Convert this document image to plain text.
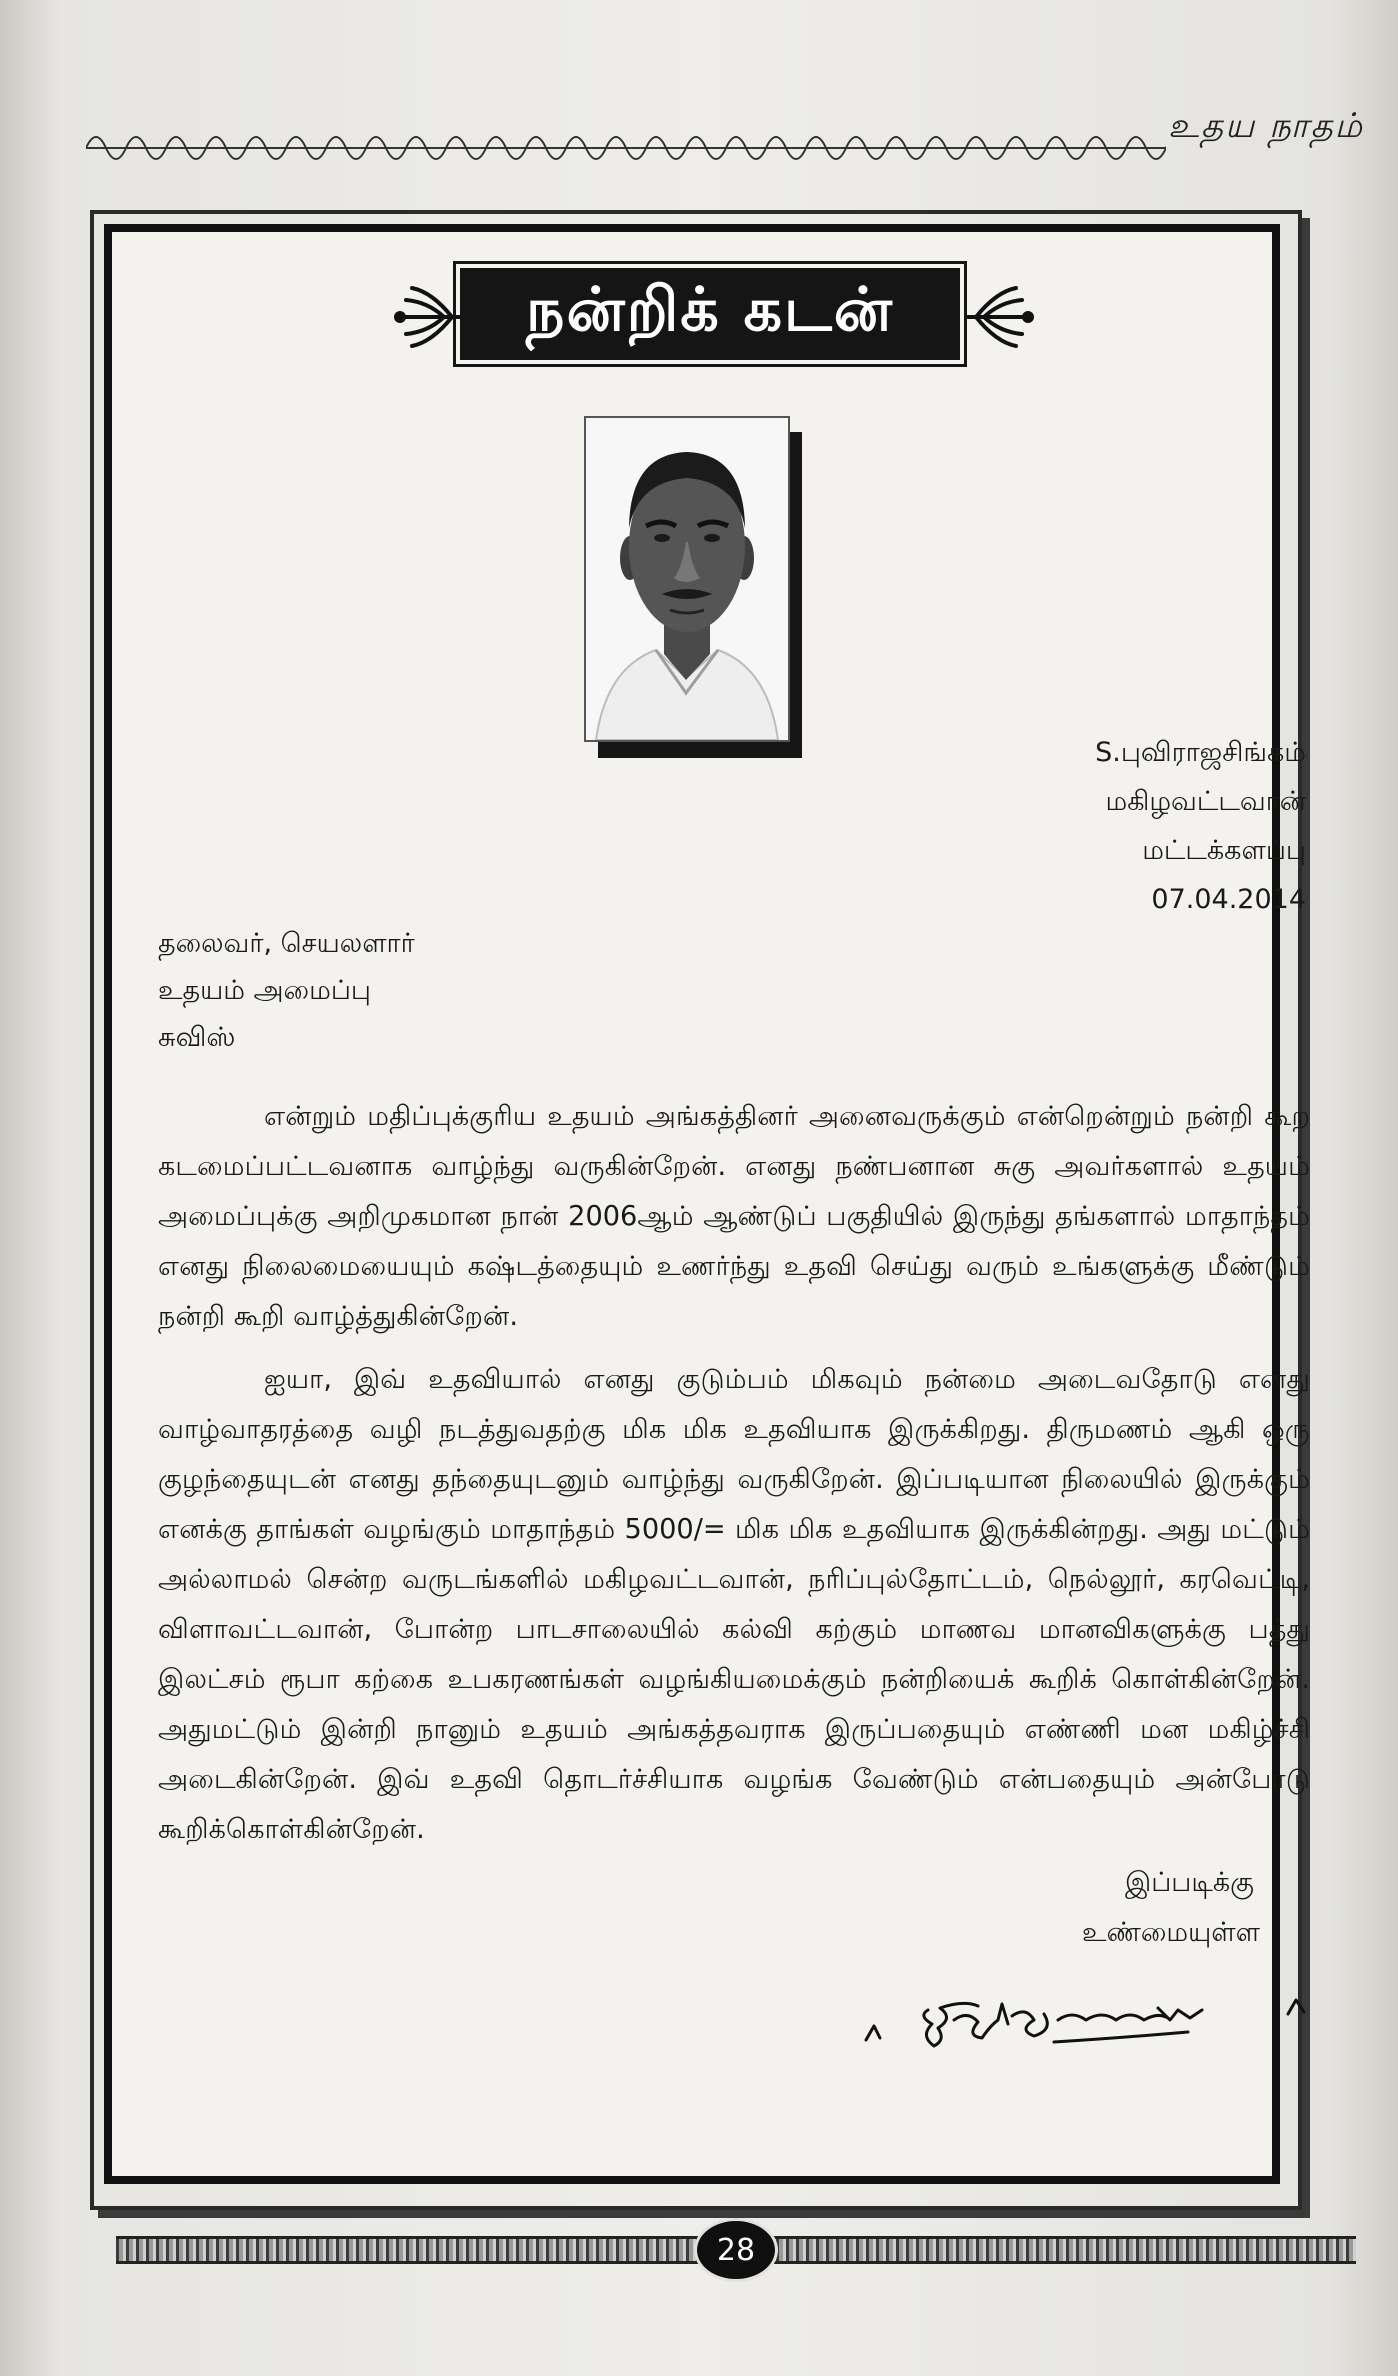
உதய நாதம்
நன்றிக் கடன்
S.புவிராஜசிங்கம்
மகிழவட்டவான்
மட்டக்களப்பு
07.04.2014
தலைவர், செயலளார்
உதயம் அமைப்பு
சுவிஸ்

என்றும் மதிப்புக்குரிய உதயம் அங்கத்தினர் அனைவருக்கும் என்றென்றும் நன்றி கூற கடமைப்பட்டவனாக வாழ்ந்து வருகின்றேன். எனது நண்பனான சுகு அவர்களால் உதயம் அமைப்புக்கு அறிமுகமான நான் 2006ஆம் ஆண்டுப் பகுதியில் இருந்து தங்களால் மாதாந்தம் எனது நிலைமையையும் கஷ்டத்தையும் உணர்ந்து உதவி செய்து வரும் உங்களுக்கு மீண்டும் நன்றி கூறி வாழ்த்துகின்றேன்.

ஐயா, இவ் உதவியால் எனது குடும்பம் மிகவும் நன்மை அடைவதோடு எனது வாழ்வாதரத்தை வழி நடத்துவதற்கு மிக மிக உதவியாக இருக்கிறது. திருமணம் ஆகி ஒரு குழந்தையுடன் எனது தந்தையுடனும் வாழ்ந்து வருகிறேன். இப்படியான நிலையில் இருக்கும் எனக்கு தாங்கள் வழங்கும் மாதாந்தம் 5000/= மிக மிக உதவியாக இருக்கின்றது. அது மட்டும் அல்லாமல் சென்ற வருடங்களில் மகிழவட்டவான், நரிப்புல்தோட்டம், நெல்லூர், கரவெட்டி, விளாவட்டவான், போன்ற பாடசாலையில் கல்வி கற்கும் மாணவ மானவிகளுக்கு பத்து இலட்சம் ரூபா கற்கை உபகரணங்கள் வழங்கியமைக்கும் நன்றியைக் கூறிக் கொள்கின்றேன். அதுமட்டும் இன்றி நானும் உதயம் அங்கத்தவராக இருப்பதையும் எண்ணி மன மகிழ்ச்சி அடைகின்றேன். இவ் உதவி தொடர்ச்சியாக வழங்க வேண்டும் என்பதையும் அன்போடு கூறிக்கொள்கின்றேன்.

இப்படிக்கு
உண்மையுள்ள
28
